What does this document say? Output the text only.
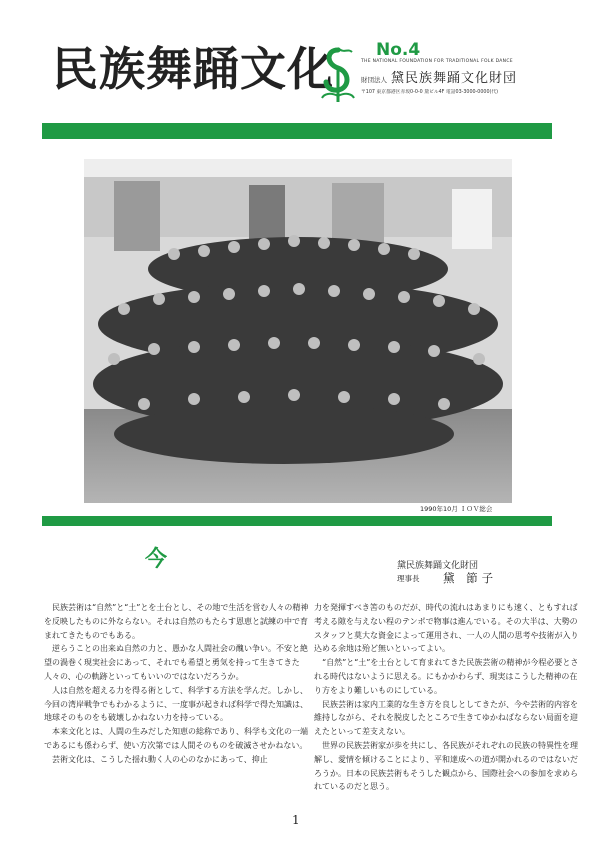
民族舞踊文化 No.4
THE NATIONAL FOUNDATION FOR TRADITIONAL FOLK DANCE
財団法人 黛民族舞踊文化財団
〒107 東京都港区赤坂0-0-0 黛ビル4F 電話03-3000-0000(代)
1990年10月 ＩＯＶ総会
今	黛民族舞踊文化財団
理事長 黛 節子

民族芸術は“自然”と“土”とを土台とし、その地で生活を営む人々の精神を反映したものに外ならない。それは自然のもたらす恩恵と試練の中で育まれてきたものでもある。

逆らうことの出来ぬ自然の力と、愚かな人間社会の醜い争い。不安と絶望の渦巻く現実社会にあって、それでも希望と勇気を持って生きてきた人々の、心の軌跡といってもいいのではないだろうか。

人は自然を超える力を得る術として、科学する方法を学んだ。しかし、今回の湾岸戦争でもわかるように、一度事が起きれば科学で得た知識は、地球そのものをも破壊しかねない力を持っている。

本来文化とは、人間の生みだした知恵の総称であり、科学も文化の一端であるにも係わらず、使い方次第では人間そのものを破滅させかねない。

芸術文化は、こうした揺れ動く人の心のなかにあって、抑止

力を発揮すべき筈のものだが、時代の流れはあまりにも速く、ともすれば考える隙を与えない程のテンポで物事は進んでいる。その大半は、大勢のスタッフと莫大な資金によって運用され、一人の人間の思考や技術が入り込める余地は殆ど無いといってよい。

“自然”と“土”を土台として育まれてきた民族芸術の精神が今程必要とされる時代はないように思える。にもかかわらず、現実はこうした精神の在り方をより難しいものにしている。

民族芸術は家内工業的な生き方を良しとしてきたが、今や芸術的内容を維持しながら、それを脱皮したところで生きてゆかねばならない局面を迎えたといって差支えない。

世界の民族芸術家が歩を共にし、各民族がそれぞれの民族の特異性を理解し、愛情を傾けることにより、平和達成への道が開かれるのではないだろうか。日本の民族芸術もそうした観点から、国際社会への参加を求められているのだと思う。

1
